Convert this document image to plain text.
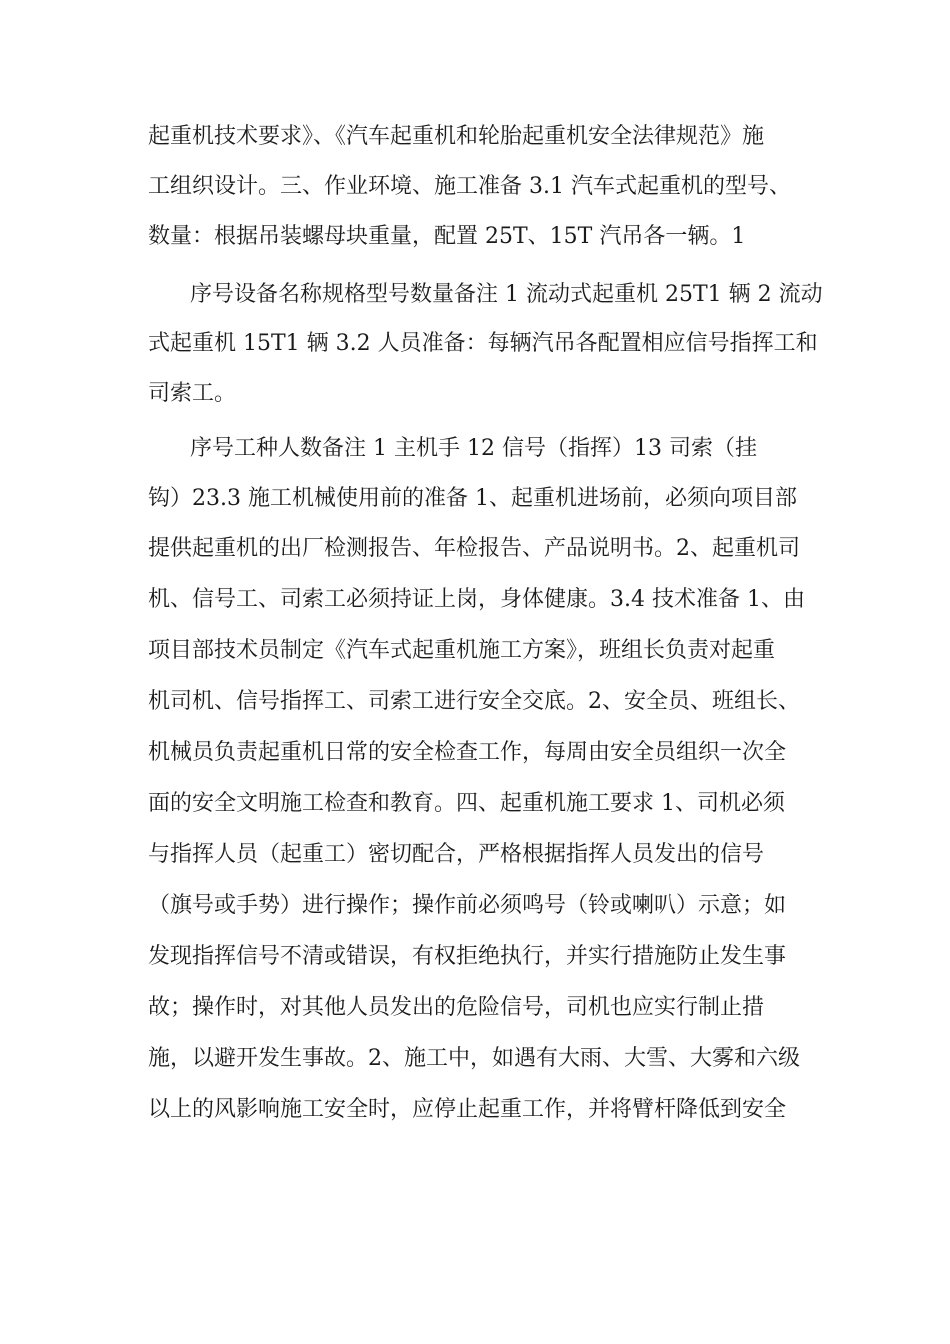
起重机技术要求》、《汽车起重机和轮胎起重机安全法律规范》施
工组织设计。三、作业环境、施工准备 3.1 汽车式起重机的型号、
数量：根据吊装螺母块重量，配置 25T、15T 汽吊各一辆。1
序号设备名称规格型号数量备注 1 流动式起重机 25T1 辆 2 流动
式起重机 15T1 辆 3.2 人员准备：每辆汽吊各配置相应信号指挥工和
司索工。
序号工种人数备注 1 主机手 12 信号（指挥）13 司索（挂
钩）23.3 施工机械使用前的准备 1、起重机进场前，必须向项目部
提供起重机的出厂检测报告、年检报告、产品说明书。2、起重机司
机、信号工、司索工必须持证上岗，身体健康。3.4 技术准备 1、由
项目部技术员制定《汽车式起重机施工方案》，班组长负责对起重
机司机、信号指挥工、司索工进行安全交底。2、安全员、班组长、
机械员负责起重机日常的安全检查工作，每周由安全员组织一次全
面的安全文明施工检查和教育。四、起重机施工要求 1、司机必须
与指挥人员（起重工）密切配合，严格根据指挥人员发出的信号
（旗号或手势）进行操作；操作前必须鸣号（铃或喇叭）示意；如
发现指挥信号不清或错误，有权拒绝执行，并实行措施防止发生事
故；操作时，对其他人员发出的危险信号，司机也应实行制止措
施，以避开发生事故。2、施工中，如遇有大雨、大雪、大雾和六级
以上的风影响施工安全时，应停止起重工作，并将臂杆降低到安全
